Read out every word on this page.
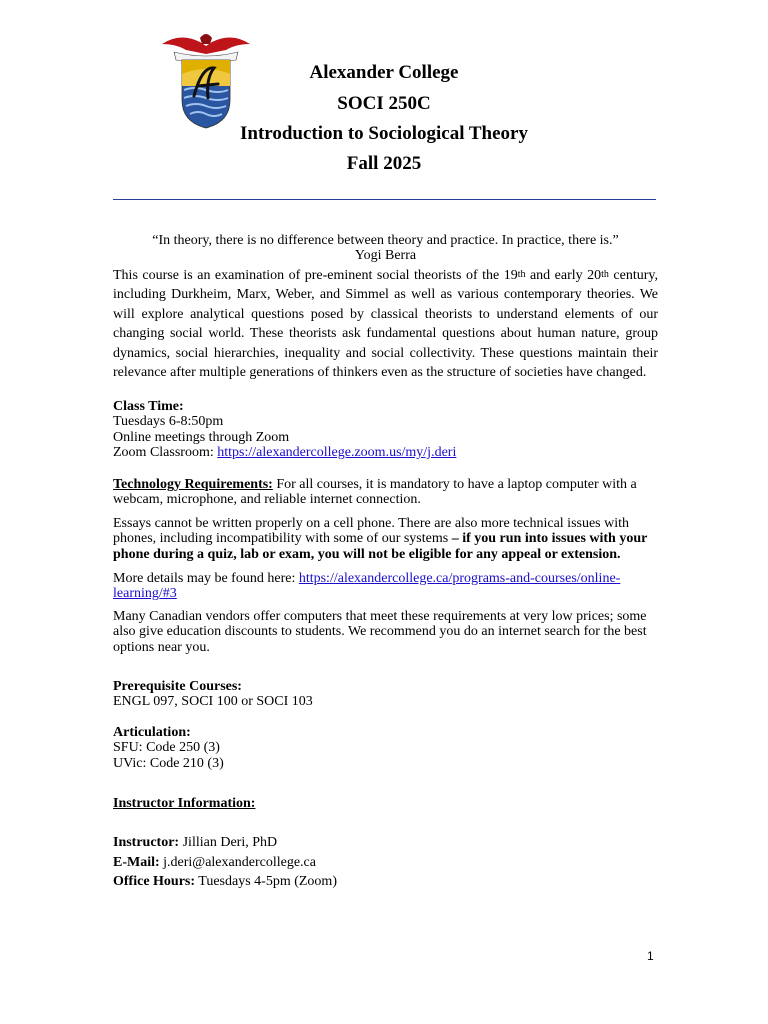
Alexander College
SOCI 250C
Introduction to Sociological Theory
Fall 2025
“In theory, there is no difference between theory and practice. In practice, there is.”
Yogi Berra
This course is an examination of pre-eminent social theorists of the 19th and early 20th century, including Durkheim, Marx, Weber, and Simmel as well as various contemporary theories. We will explore analytical questions posed by classical theorists to understand elements of our changing social world. These theorists ask fundamental questions about human nature, group dynamics, social hierarchies, inequality and social collectivity. These questions maintain their relevance after multiple generations of thinkers even as the structure of societies have changed.
Class Time:
Tuesdays 6-8:50pm
Online meetings through Zoom
Zoom Classroom: https://alexandercollege.zoom.us/my/j.deri
Technology Requirements: For all courses, it is mandatory to have a laptop computer with a webcam, microphone, and reliable internet connection.
Essays cannot be written properly on a cell phone. There are also more technical issues with phones, including incompatibility with some of our systems – if you run into issues with your phone during a quiz, lab or exam, you will not be eligible for any appeal or extension.
More details may be found here: https://alexandercollege.ca/programs-and-courses/online-
learning/#3
Many Canadian vendors offer computers that meet these requirements at very low prices; some also give education discounts to students. We recommend you do an internet search for the best options near you.
Prerequisite Courses:
ENGL 097, SOCI 100 or SOCI 103
Articulation:
SFU: Code 250 (3)
UVic: Code 210 (3)
Instructor Information:
Instructor: Jillian Deri, PhD
E-Mail: j.deri@alexandercollege.ca
Office Hours: Tuesdays 4-5pm (Zoom)
1
